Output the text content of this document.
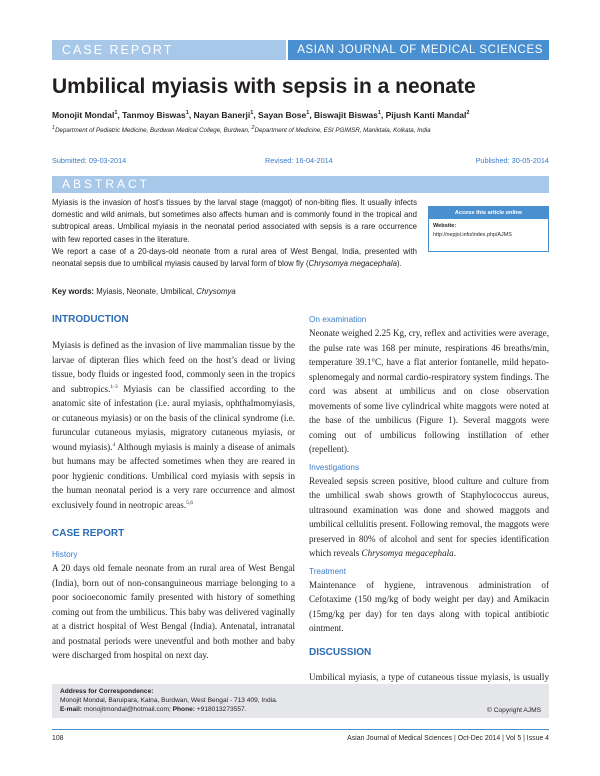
CASE REPORT	ASIAN JOURNAL OF MEDICAL SCIENCES
Umbilical myiasis with sepsis in a neonate
Monojit Mondal$^1$, Tanmoy Biswas$^1$, Nayan Banerji$^1$, Sayan Bose$^1$, Biswajit Biswas$^1$, Pijush Kanti Mandal$^2$
$^1$Department of Pediatric Medicine, Burdwan Medical College, Burdwan, $^2$Department of Medicine, ESI PGIMSR, Maniktala, Kolkata, India
Submitted: 09-03-2014	Revised: 16-04-2014	Published: 30-05-2014
ABSTRACT

Myiasis is the invasion of host’s tissues by the larval stage (maggot) of non-biting flies. It usually infects domestic and wild animals, but sometimes also affects human and is commonly found in the tropical and subtropical areas. Umbilical myiasis in the neonatal period associated with sepsis is a rare occurrence with few reported cases in the literature.

We report a case of a 20-days-old neonate from a rural area of West Bengal, India, presented with neonatal sepsis due to umbilical myiasis caused by larval form of blow fly (Chrysomya megacephala).

Access this article online
Website:
http://nepjol.info/index.php/AJMS
Key words: Myiasis, Neonate, Umbilical, Chrysomya
INTRODUCTION

Myiasis is defined as the invasion of live mammalian tissue by the larvae of dipteran flies which feed on the host’s dead or living tissue, body fluids or ingested food, commonly seen in the tropics and subtropics.$^{1-3}$ Myiasis can be classified according to the anatomic site of infestation (i.e. aural myiasis, ophthalmomyiasis, or cutaneous myiasis) or on the basis of the clinical syndrome (i.e. furuncular cutaneous myiasis, migratory cutaneous myiasis, or wound myiasis).$^4$ Although myiasis is mainly a disease of animals but humans may be affected sometimes when they are reared in poor hygienic conditions. Umbilical cord myiasis with sepsis in the human neonatal period is a very rare occurrence and almost exclusively found in neotropic areas.$^{5,6}$

CASE REPORT
History

A 20 days old female neonate from an rural area of West Bengal (India), born out of non-consanguineous marriage belonging to a poor socioeconomic family presented with history of something coming out from the umbilicus. This baby was delivered vaginally at a district hospital of West Bengal (India). Antenatal, intranatal and postnatal periods were uneventful and both mother and baby were discharged from hospital on next day.

On examination

Neonate weighed 2.25 Kg, cry, reflex and activities were average, the pulse rate was 168 per minute, respirations 46 breaths/min, temperature 39.1°C, have a flat anterior fontanelle, mild hepato-splenomegaly and normal cardio-respiratory system findings. The cord was absent at umbilicus and on close observation movements of some live cylindrical white maggots were noted at the base of the umbilicus (Figure 1). Several maggots were coming out of umbilicus following instillation of ether (repellent).

Investigations

Revealed sepsis screen positive, blood culture and culture from the umbilical swab shows growth of Staphylococcus aureus, ultrasound examination was done and showed maggots and umbilical cellulitis present. Following removal, the maggots were preserved in 80% of alcohol and sent for species identification which reveals Chrysomya megacephala.

Treatment

Maintenance of hygiene, intravenous administration of Cefotaxime (150 mg/kg of body weight per day) and Amikacin (15mg/kg per day) for ten days along with topical antibiotic ointment.

DISCUSSION

Umbilical myiasis, a type of cutaneous tissue myiasis, is usually

Address for Correspondence:
Monojit Mondal, Baruipara, Kalna, Burdwan, West Bengal - 713 409, India.
E-mail: monojitmondal@hotmail.com; Phone: +918013273557.	© Copyright AJMS
108	Asian Journal of Medical Sciences | Oct-Dec 2014 | Vol 5 | Issue 4
